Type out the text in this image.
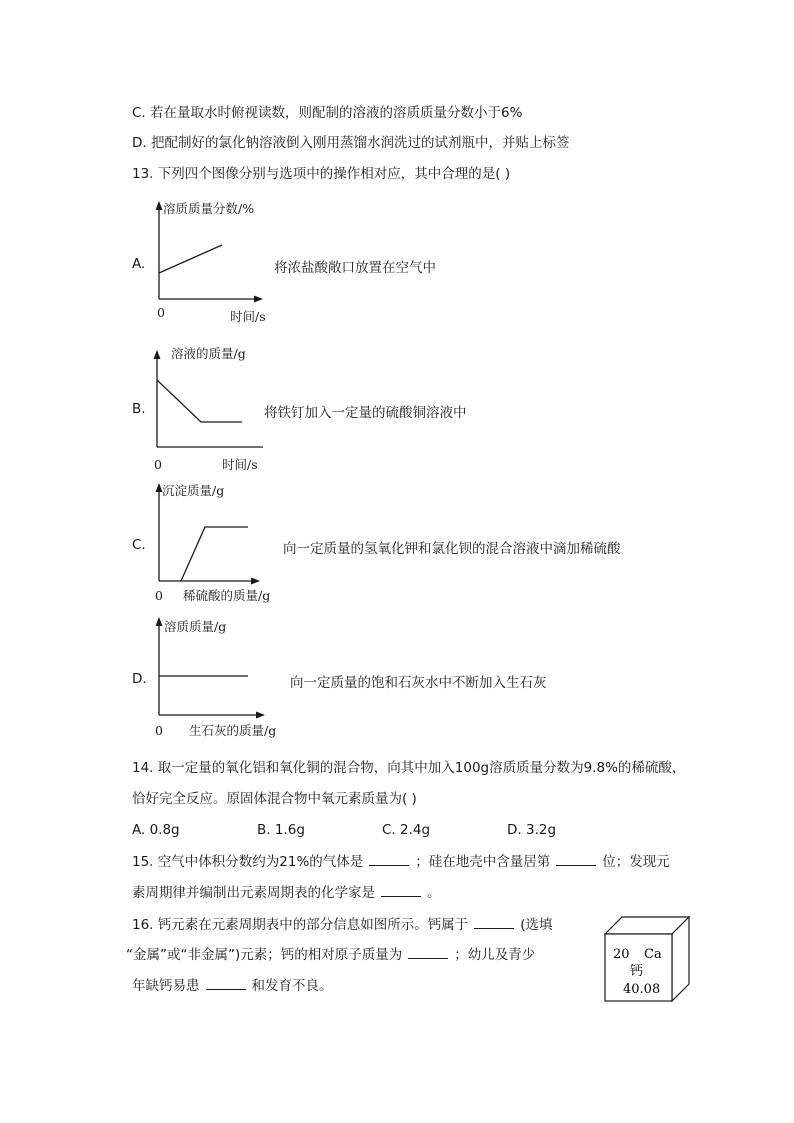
C. 若在量取水时俯视读数，则配制的溶液的溶质质量分数小于6%
D. 把配制好的氯化钠溶液倒入刚用蒸馏水润洗过的试剂瓶中，并贴上标签
13. 下列四个图像分别与选项中的操作相对应，其中合理的是( )
A.
溶质质量分数/%
0	时间/s
将浓盐酸敞口放置在空气中
B.
溶液的质量/g
0	时间/s
将铁钉加入一定量的硫酸铜溶液中
C.
沉淀质量/g
0 稀硫酸的质量/g
向一定质量的氢氧化钾和氯化钡的混合溶液中滴加稀硫酸
D.
溶质质量/g
0 生石灰的质量/g
向一定质量的饱和石灰水中不断加入生石灰
14. 取一定量的氧化铝和氧化铜的混合物，向其中加入100g溶质质量分数为9.8%的稀硫酸，
恰好完全反应。原固体混合物中氧元素质量为( )
A. 0.8g	B. 1.6g	C. 2.4g	D. 3.2g
15. 空气中体积分数约为21%的气体是	；硅在地壳中含量居第	位；发现元
素周期律并编制出元素周期表的化学家是	。
16. 钙元素在元素周期表中的部分信息如图所示。钙属于	(选填
“金属”或“非金属”)元素；钙的相对原子质量为	；幼儿及青少
年缺钙易患	和发育不良。
20 Ca
钙
40.08
